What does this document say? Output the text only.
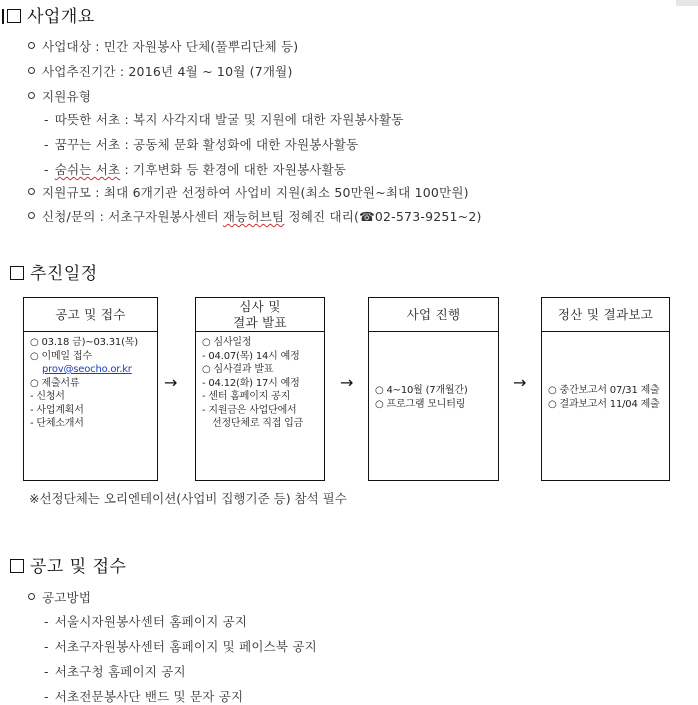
사업개요
사업대상 : 민간 자원봉사 단체(풀뿌리단체 등)
사업추진기간 : 2016년 4월 ~ 10월 (7개월)
지원유형
- 따뜻한 서초 : 복지 사각지대 발굴 및 지원에 대한 자원봉사활동
- 꿈꾸는 서초 : 공동체 문화 활성화에 대한 자원봉사활동
- 숨쉬는 서초 : 기후변화 등 환경에 대한 자원봉사활동
지원규모 : 최대 6개기관 선정하여 사업비 지원(최소 50만원~최대 100만원)
신청/문의 : 서초구자원봉사센터 재능허브팀 정혜진 대리(☎02-573-9251~2)
추진일정
공고 및 접수
○ 03.18 금)~03.31(목)
○ 이메일 접수
prov@seocho.or.kr
○ 제출서류
- 신청서
- 사업계획서
- 단체소개서
→
심사 및
결과 발표
○ 심사일정
- 04.07(목) 14시 예정
○ 심사결과 발표
- 04.12(화) 17시 예정
- 센터 홈페이지 공지
- 지원금은 사업단에서
선정단체로 직접 입금
→
사업 진행
○ 4~10월 (7개월간)
○ 프로그램 모니터링
→
정산 및 결과보고
○ 중간보고서 07/31 제출
○ 결과보고서 11/04 제출
※선정단체는 오리엔테이션(사업비 집행기준 등) 참석 필수
공고 및 접수
공고방법
- 서울시자원봉사센터 홈페이지 공지
- 서초구자원봉사센터 홈페이지 및 페이스북 공지
- 서초구청 홈페이지 공지
- 서초전문봉사단 밴드 및 문자 공지
